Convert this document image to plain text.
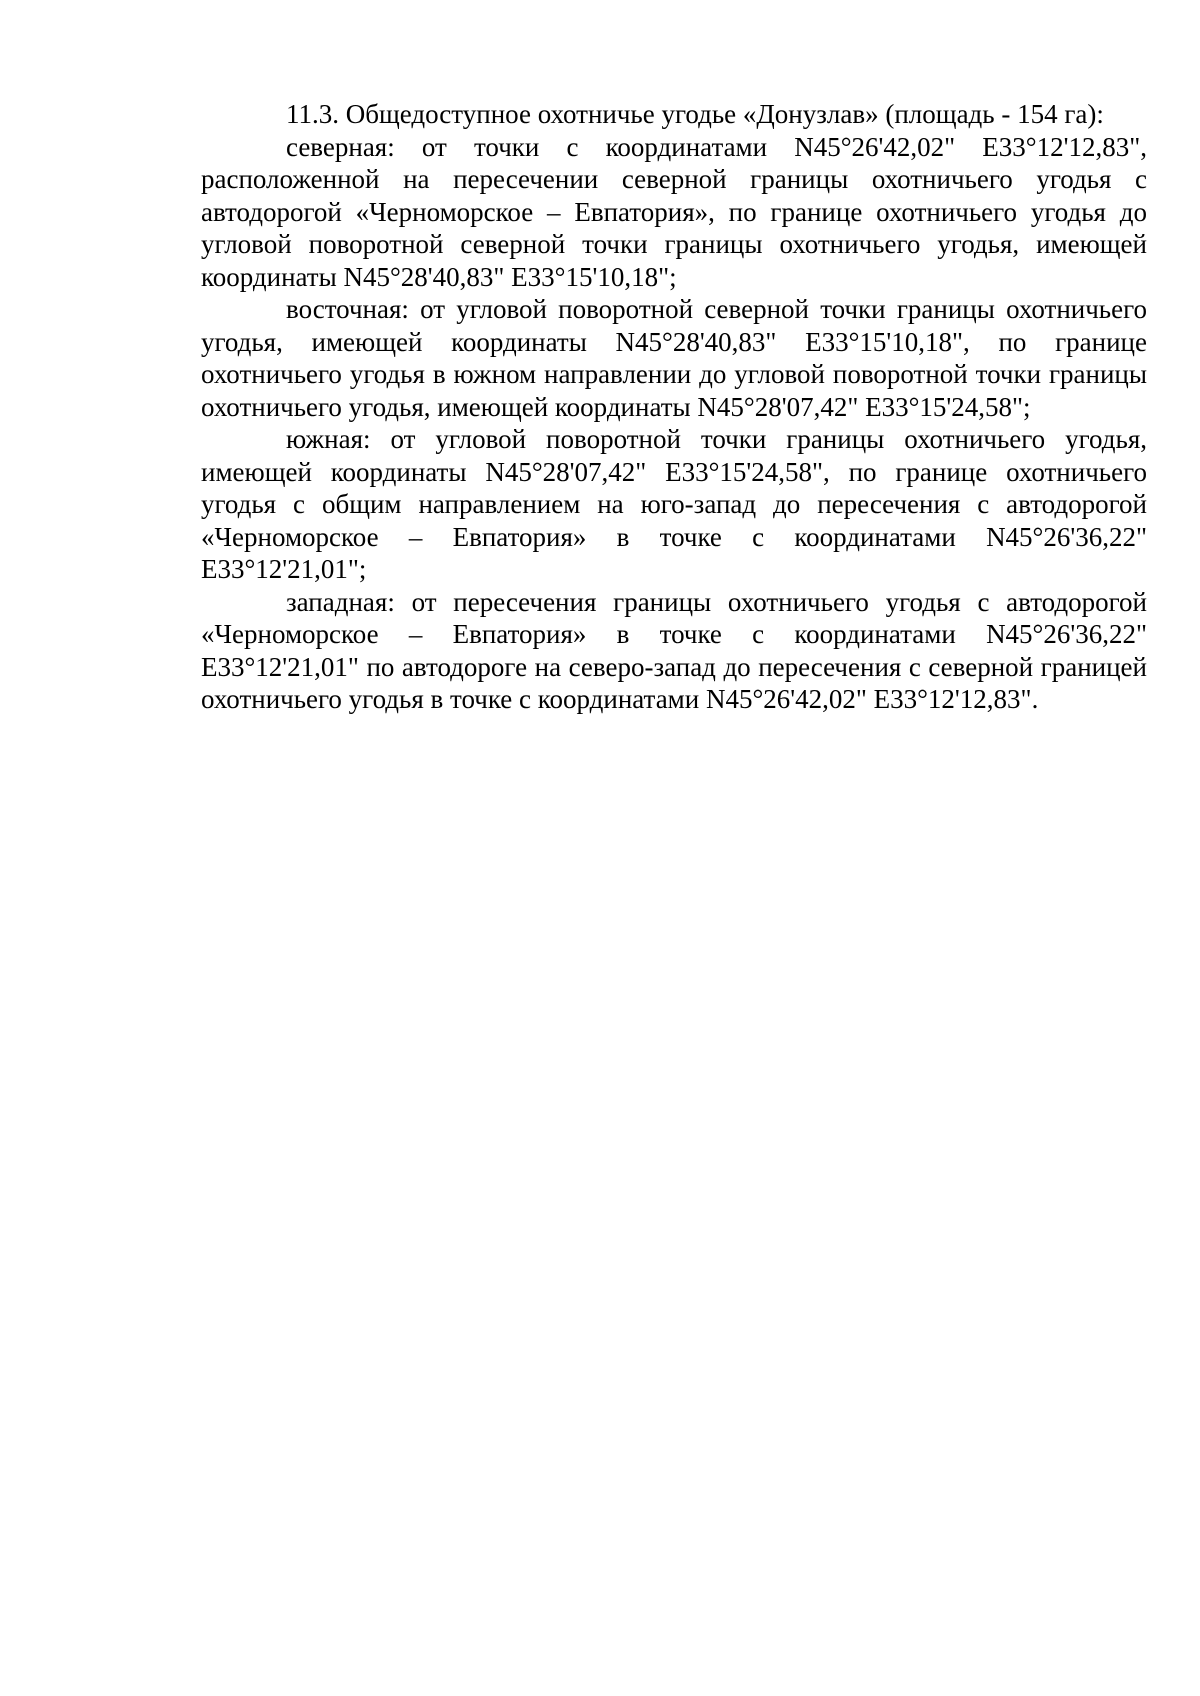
11.3. Общедоступное охотничье угодье «Донузлав» (площадь - 154 га):

северная: от точки с координатами N45°26'42,02" E33°12'12,83", расположенной на пересечении северной границы охотничьего угодья с автодорогой «Черноморское – Евпатория», по границе охотничьего угодья до угловой поворотной северной точки границы охотничьего угодья, имеющей координаты N45°28'40,83" E33°15'10,18";

восточная: от угловой поворотной северной точки границы охотничьего угодья, имеющей координаты N45°28'40,83" E33°15'10,18", по границе охотничьего угодья в южном направлении до угловой поворотной точки границы охотничьего угодья, имеющей координаты N45°28'07,42" E33°15'24,58";

южная: от угловой поворотной точки границы охотничьего угодья, имеющей координаты N45°28'07,42" E33°15'24,58", по границе охотничьего угодья с общим направлением на юго-запад до пересечения с автодорогой «Черноморское – Евпатория» в точке с координатами N45°26'36,22" E33°12'21,01";

западная: от пересечения границы охотничьего угодья с автодорогой «Черноморское – Евпатория» в точке с координатами N45°26'36,22" E33°12'21,01" по автодороге на северо-запад до пересечения с северной границей охотничьего угодья в точке с координатами N45°26'42,02" E33°12'12,83".
